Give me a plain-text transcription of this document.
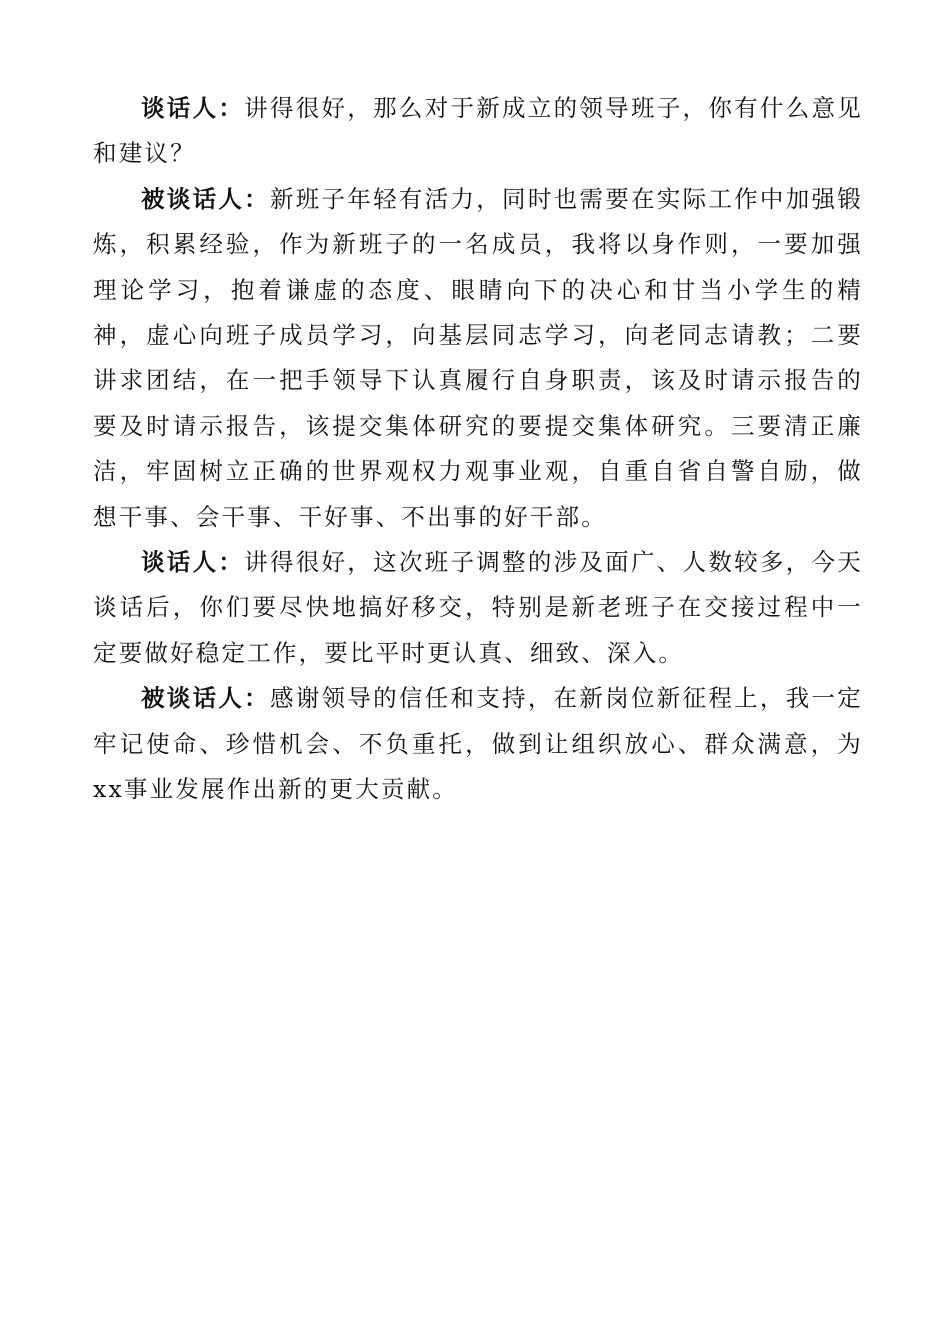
谈话人：讲得很好，那么对于新成立的领导班子，你有什么意见和建议？

被谈话人：新班子年轻有活力，同时也需要在实际工作中加强锻炼，积累经验，作为新班子的一名成员，我将以身作则，一要加强理论学习，抱着谦虚的态度、眼睛向下的决心和甘当小学生的精神，虚心向班子成员学习，向基层同志学习，向老同志请教；二要讲求团结，在一把手领导下认真履行自身职责，该及时请示报告的要及时请示报告，该提交集体研究的要提交集体研究。三要清正廉洁，牢固树立正确的世界观权力观事业观，自重自省自警自励，做想干事、会干事、干好事、不出事的好干部。

谈话人：讲得很好，这次班子调整的涉及面广、人数较多，今天谈话后，你们要尽快地搞好移交，特别是新老班子在交接过程中一定要做好稳定工作，要比平时更认真、细致、深入。

被谈话人：感谢领导的信任和支持，在新岗位新征程上，我一定牢记使命、珍惜机会、不负重托，做到让组织放心、群众满意，为xx事业发展作出新的更大贡献。
